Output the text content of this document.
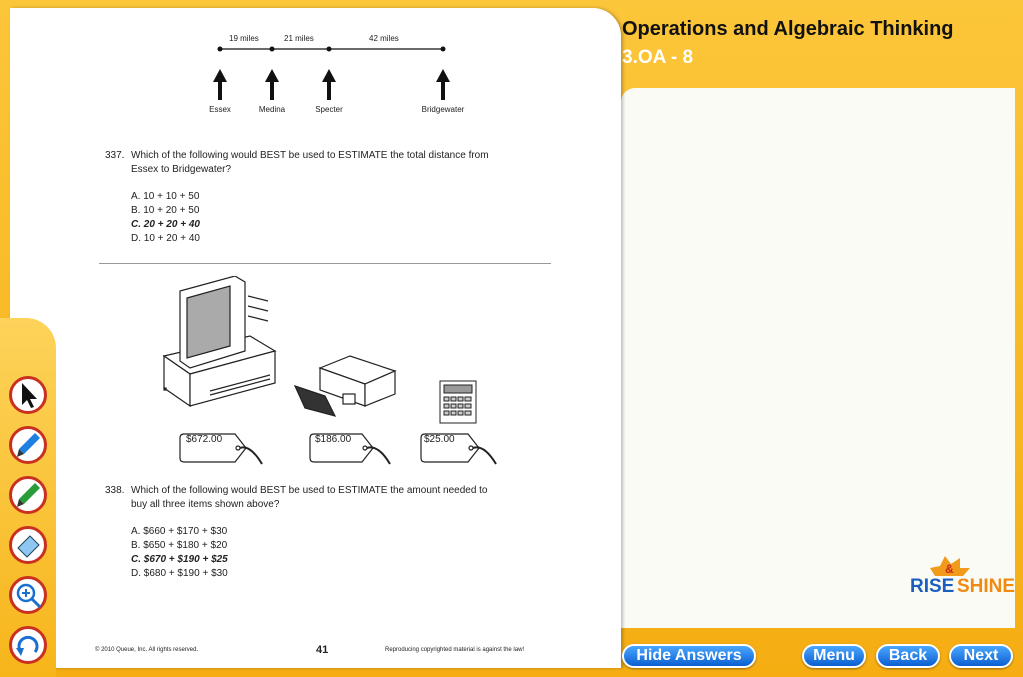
Operations and Algebraic Thinking
3.OA - 8
19 miles	21 miles	42 miles
Essex	Medina	Specter	Bridgewater
337. Which of the following would BEST be used to ESTIMATE the total distance from
Essex to Bridgewater?
A. 10 + 10 + 50
B. 10 + 20 + 50
C. 20 + 20 + 40
D. 10 + 20 + 40
$672.00	$186.00	$25.00
338. Which of the following would BEST be used to ESTIMATE the amount needed to
buy all three items shown above?
A. $660 + $170 + $30
B. $650 + $180 + $20
C. $670 + $190 + $25
D. $680 + $190 + $30
© 2010 Queue, Inc. All rights reserved.	41	Reproducing copyrighted material is against the law!
RISE SHINE
&
Hide Answers	Menu	Back	Next
